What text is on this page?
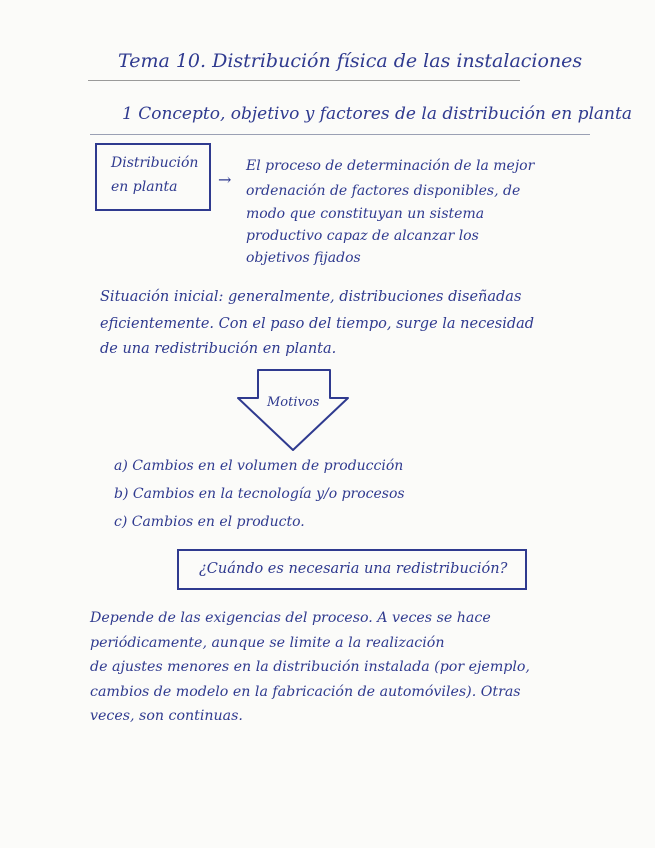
Tema 10. Distribución física de las instalaciones
1 Concepto, objetivo y factores de la distribución en planta
Distribución
en planta	→
El proceso de determinación de la mejor
ordenación de factores disponibles, de
modo que constituyan un sistema
productivo capaz de alcanzar los
objetivos fijados
Situación inicial: generalmente, distribuciones diseñadas
eficientemente. Con el paso del tiempo, surge la necesidad
de una redistribución en planta.
Motivos
a) Cambios en el volumen de producción
b) Cambios en la tecnología y/o procesos
c) Cambios en el producto.
¿Cuándo es necesaria una redistribución?
Depende de las exigencias del proceso. A veces se hace
periódicamente, aunque se limite a la realización
de ajustes menores en la distribución instalada (por ejemplo,
cambios de modelo en la fabricación de automóviles). Otras
veces, son continuas.
